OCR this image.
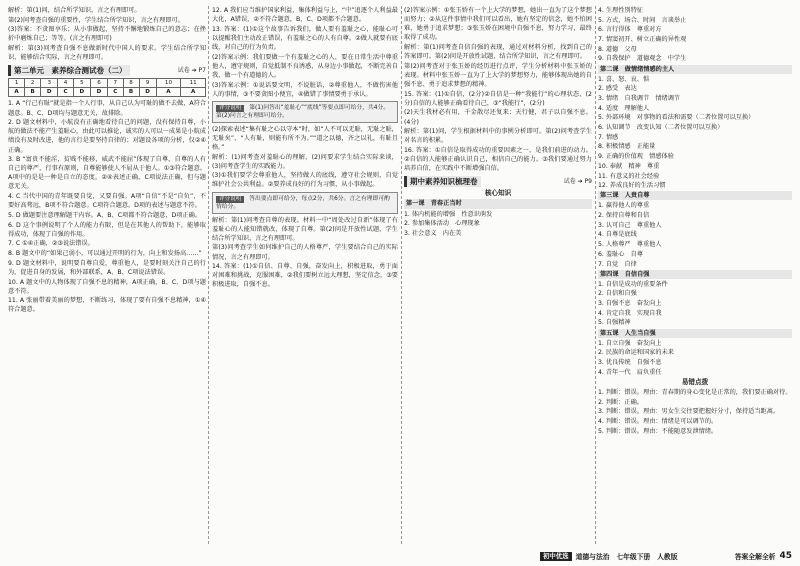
解析：第(1)问，结合所学知识，言之有理即可。

第(2)问考查自强的重要性，学生结合所学知识，言之有理即可。

(3)答案：不贪图享乐；从小事做起，坚持不懈地锻炼自己的意志；在挫折中磨炼自己；等等。(言之有理即可)

解析：第(3)问考查自强不息做新时代中国人的要求。学生结合所学知识，能够结合实际，言之有理即可。

第二单元　素养综合测试卷（二）	试卷 ➔ P7
1	2	3	4	5	6	7	8	9	10	11
A	B	D	C	D	D	C	B	D	A	A

1. A “行己有耻”就是指一个人行事，从自己认为可耻的做不去做，A符合题意。B、C、D项均与题意无关，故排除。

2. D 题文材料中，小航没有正确地看待自己的问题，没有保持自尊，小航的做法不能产生羞耻心，由此可以推论，诚实的人可以一成果是小航成绩没有及时改进，他的言行是要坚持自律的；对题设各项的分析，仅②④正确。

3. B “富贵不能淫，贫贱不能移，威武不能屈”体现了自尊，自尊的人有自己的尊严，行事有原则，自尊能够使人不屈从于他人。①③符合题意。A项中的是是一种是自立的态度，②④表述正确，C项说法正确，但与题意无关。

4. C 当代中国的青年既要自觉，又要自强。A项“自信”不是“自负”，不要好高骛远，B项不符合题意。C项符合题意。D项的表述与题意不符。

5. D 做题要注意理解题干内容。A、B、C项都不符合题意，D项正确。

6. D 这个事例说明了个人的能力有限，但是在其他人的帮助下，能够取得成功，体现了自强的作用。

7. C ①④正确，②③说法错误。

8. B 题文中的“如果己弱小，可以通过开明的行为，向上和发扬高……”

9. D 题文材料中，说明要自尊自爱，尊重他人，是要时刻关注自己的行为，促进自身的发展，和外部联系，A、B、C项说法错误。

10. A 题文中的人物体现了自强不息的精神，A项正确，B、C、D项与题意不符。

11. A 张丽带着美丽的梦想，不断练习，体现了要有自强不息精神，①④符合题意。

12. A 我们应当维护国家利益，集体利益与上，“中”追逐个人利益最大化，A错误，②不符合题意，B、C、D项都不合题意。

13. 答案：(1)①这个故事告诉我们，做人要有羞耻之心，能耻心可以提醒我们主动改正错误，有羞耻之心的人有自尊。②做人就要有底线，对自己的行为负责。

(2)答案示例：我们要做一个有羞耻之心的人，要在日常生活中尊重他人，遵守规则，自觉抵制不良诱惑，从身边小事做起，不断完善自我，做一个有道德的人。

(3)答案示例：①说话要文明，不说脏话，②尊重他人，不做伤害他人的事情，③不要贪图小便宜，④做错了事情要勇于承认。

评分说明 第(1)问答出“羞耻心”“底线”等要点即可给分，共4分。第(2)问言之有理即可给分。

(2)探索表述“集有耻之心以守本”时，如“人不可以无耻，无耻之耻，无耻矣”，“人有耻，则能有所不为。”“道之以德，齐之以礼，有耻且格。”

解析：(1)问考查对羞耻心的理解，(2)问要求学生结合实际来谈，(3)问考查学生的实践能力。

(3)①我们要学会尊重他人，坚持做人的底线，遵守社会规则，自觉维护社会公共利益。②要养成良好的行为习惯，从小事做起。

评分说明 答出要点即可给分，每点2分，共6分。言之有理即可酌情给分。

解析：第(1)问考查自尊的表现。材料一中“周处改过自新”体现了有羞耻心的人能知错就改，体现了自尊。第(2)问是开放性试题，学生结合所学知识，言之有理即可。

第(3)问考查学生如何维护自己的人格尊严，学生要结合自己的实际情况，言之有理即可。

14. 答案：(1)①自信、自尊、自强，奋发向上，积极进取，勇于面对困难和挑战，克服困难，②我们要树立远大理想，坚定信念，③要积极进取，自强不息。

(2)答案示例：①张玉娇有一个上大学的梦想，她出一直为了这个梦想而努力；②从这件事情中我们可以看出，她有坚定的信念，她不怕困难，她勇于追求梦想；③张玉娇在困境中自强不息，努力学习，最终取得了成功。

解析：第(1)问考查自信自强的表现，通过对材料分析，找到自己的答案即可。第(2)问是开放性试题，结合所学知识，言之有理即可。

第(2)问考查对于张玉娇的经历进行点评，学生分析材料中张玉娇的表现。材料中张玉娇一直为了上大学的梦想努力，能够体现出她的自强不息、勇于追求梦想的精神。

15. 答案：(1)①自信，(2分)②自信是一种“我能行”的心理状态，(2分)自信的人能够正确看待自己，③“我能行”，(2分)

(2)天生我材必有用，千金散尽还复来；天行健，君子以自强不息。(4分)

解析：第(1)问，学生根据材料中的事例分析即可。第(2)问考查学生对名言的积累。

16. 答案：①自信是取得成功的重要因素之一，是我们前进的动力。②自信的人能够正确认识自己，相信自己的能力。③我们要通过努力培养自信，在实践中不断增强自信。

期中素养知识梳理卷	试卷 ➔ P9
核心知识
第一课　青春正当时

1. 体内机能的增强　性意识萌发

2. 参加集体活动　心理现象

3. 社会意义　内在美

4. 生理性别特征

5. 方式、场合、时间　言谈举止

6. 言行得体　尊重对方

7. 情窦初开、树立正确的异性观

8. 道德　父母

9. 自我保护　道德观念　中学生

第二课　做情绪情感的主人

1. 喜、怒、哀、惧

2. 感受　表达

3. 情绪　自我调节　情绪调节

4. 适度　理解他人

5. 外部环境　对事物的看法和需要（二者位置可以互换）

6. 认知调节　改变认知（二者位置可以互换）

7. 情感

8. 积极情感　正能量

9. 正确的价值观　情感体验

10. 奉献　精神　尊重

11. 有意义的社会经验

12. 养成良好的生活习惯

第三课　人贵自尊

1. 赢得他人的尊重

2. 保持自尊和自信

3. 认可自己　尊重他人

4. 自尊是底线

5. 人格尊严　尊重他人

6. 羞耻心　自尊

7. 自觉　自律

第四课　自信自强

1. 自信是成功的重要条件

2. 自信和自强

3. 自强不息　奋发向上

4. 肯定自我　实现自我

5. 自强精神

第五课　人生当自强

1. 自立自强　奋发向上

2. 民族的命运和国家的未来

3. 优良传统　自强不息

4. 青年一代　肩负重任

易错点拨

1. 判断：错误。理由：青春期的身心变化是正常的，我们要正确对待。

2. 判断：正确。

3. 判断：错误。理由：男女生交往要把握好分寸，保持适当距离。

4. 判断：错误。理由：情绪是可以调节的。

5. 判断：错误。理由：不能随意发泄情绪。

初中优选	道德与法治　七年级下册　人教版	答案全解全析 45
